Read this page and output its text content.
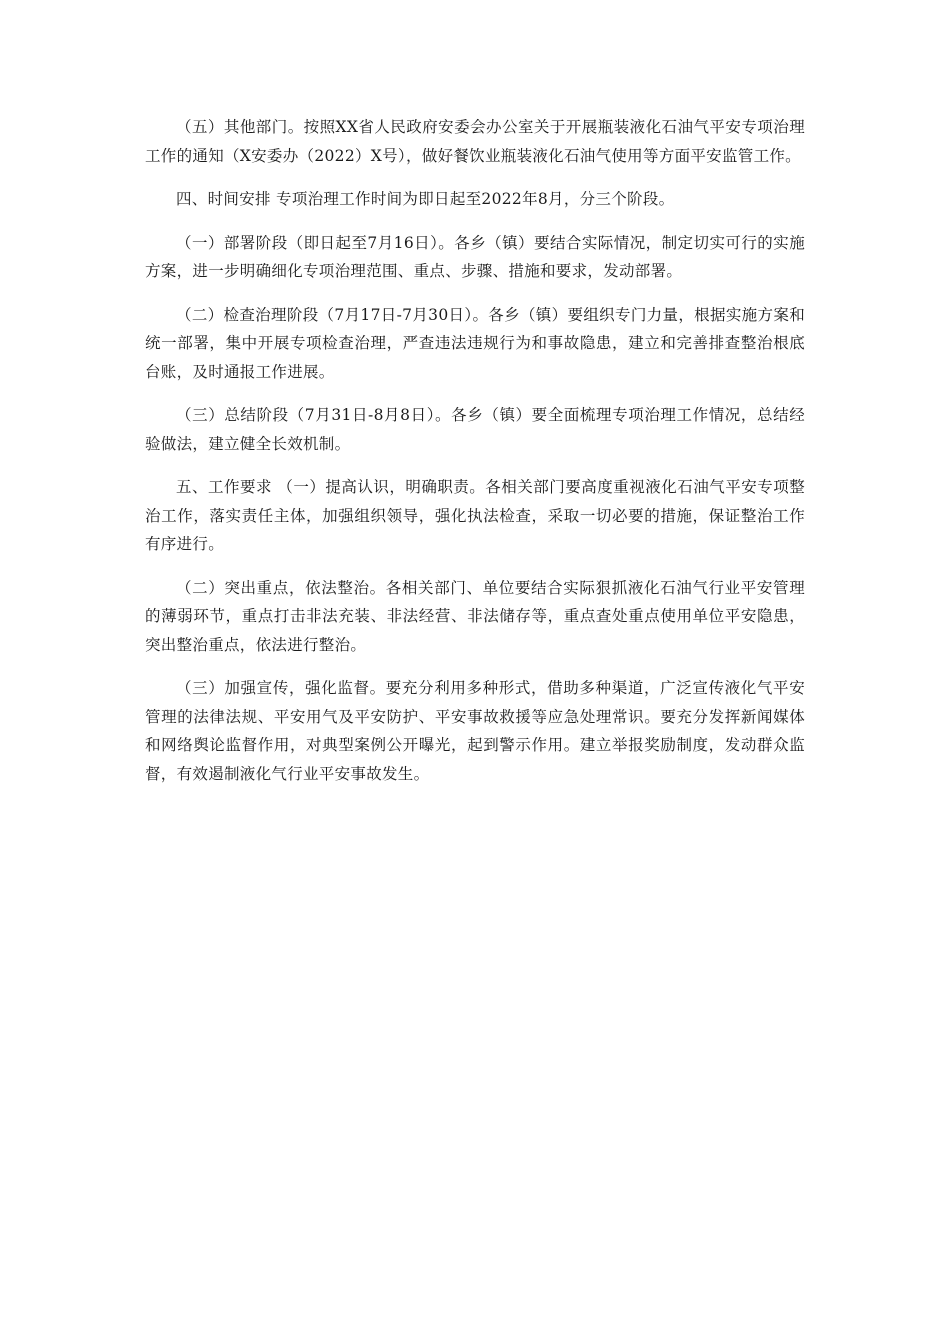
（五）其他部门。按照XX省人民政府安委会办公室关于开展瓶装液化石油气平安专项治理工作的通知（X安委办（2022）X号），做好餐饮业瓶装液化石油气使用等方面平安监管工作。

四、时间安排 专项治理工作时间为即日起至2022年8月，分三个阶段。

（一）部署阶段（即日起至7月16日）。各乡（镇）要结合实际情况，制定切实可行的实施方案，进一步明确细化专项治理范围、重点、步骤、措施和要求，发动部署。

（二）检查治理阶段（7月17日-7月30日）。各乡（镇）要组织专门力量，根据实施方案和统一部署，集中开展专项检查治理，严查违法违规行为和事故隐患，建立和完善排查整治根底台账，及时通报工作进展。

（三）总结阶段（7月31日-8月8日）。各乡（镇）要全面梳理专项治理工作情况，总结经验做法，建立健全长效机制。

五、工作要求 （一）提高认识，明确职责。各相关部门要高度重视液化石油气平安专项整治工作，落实责任主体，加强组织领导，强化执法检查，采取一切必要的措施，保证整治工作有序进行。

（二）突出重点，依法整治。各相关部门、单位要结合实际狠抓液化石油气行业平安管理的薄弱环节，重点打击非法充装、非法经营、非法储存等，重点查处重点使用单位平安隐患，突出整治重点，依法进行整治。

（三）加强宣传，强化监督。要充分利用多种形式，借助多种渠道，广泛宣传液化气平安管理的法律法规、平安用气及平安防护、平安事故救援等应急处理常识。要充分发挥新闻媒体和网络舆论监督作用，对典型案例公开曝光，起到警示作用。建立举报奖励制度，发动群众监督，有效遏制液化气行业平安事故发生。
